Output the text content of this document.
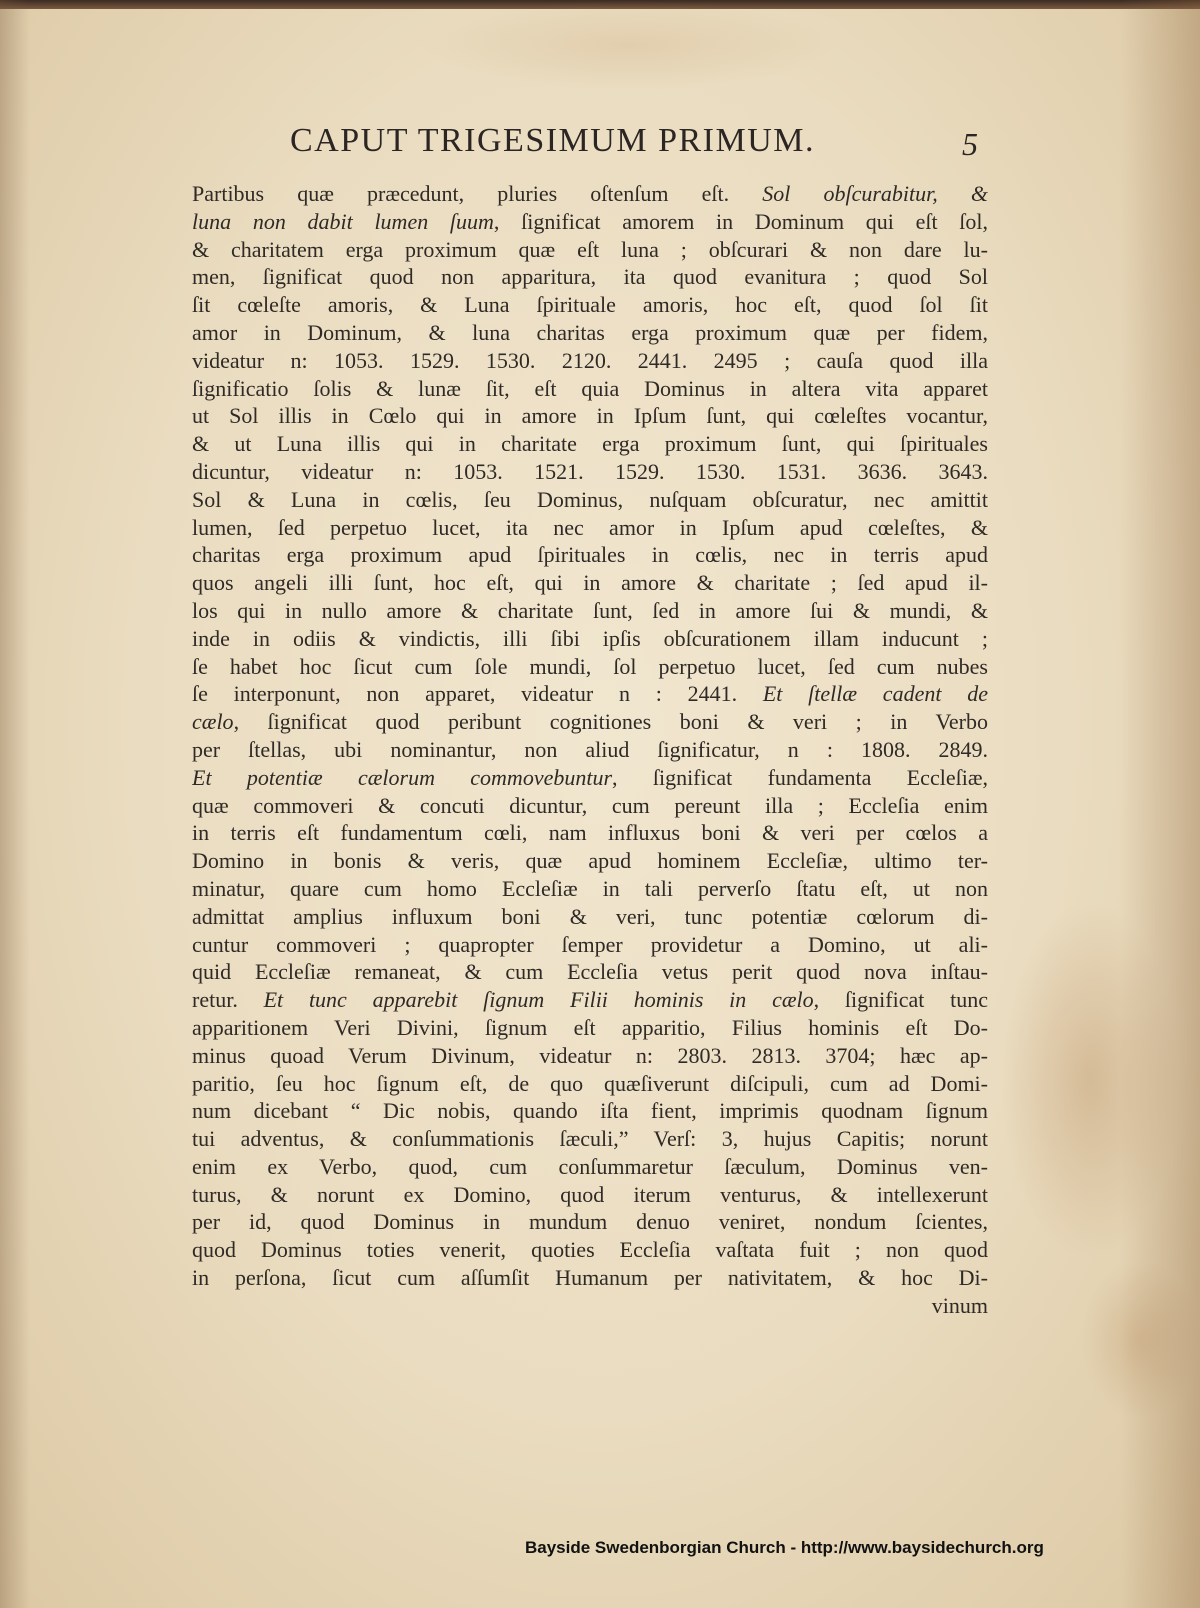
CAPUT TRIGESIMUM PRIMUM.	5
Partibus quæ præcedunt, pluries oſtenſum eſt. Sol obſcurabitur, &
luna non dabit lumen ſuum, ſignificat amorem in Dominum qui eſt ſol,
& charitatem erga proximum quæ eſt luna ; obſcurari & non dare lu-
men, ſignificat quod non apparitura, ita quod evanitura ; quod Sol
ſit cœleſte amoris, & Luna ſpirituale amoris, hoc eſt, quod ſol ſit
amor in Dominum, & luna charitas erga proximum quæ per fidem,
videatur n: 1053. 1529. 1530. 2120. 2441. 2495 ; cauſa quod illa
ſignificatio ſolis & lunæ ſit, eſt quia Dominus in altera vita apparet
ut Sol illis in Cœlo qui in amore in Ipſum ſunt, qui cœleſtes vocantur,
& ut Luna illis qui in charitate erga proximum ſunt, qui ſpirituales
dicuntur, videatur n: 1053. 1521. 1529. 1530. 1531. 3636. 3643.
Sol & Luna in cœlis, ſeu Dominus, nuſquam obſcuratur, nec amittit
lumen, ſed perpetuo lucet, ita nec amor in Ipſum apud cœleſtes, &
charitas erga proximum apud ſpirituales in cœlis, nec in terris apud
quos angeli illi ſunt, hoc eſt, qui in amore & charitate ; ſed apud il-
los qui in nullo amore & charitate ſunt, ſed in amore ſui & mundi, &
inde in odiis & vindictis, illi ſibi ipſis obſcurationem illam inducunt ;
ſe habet hoc ſicut cum ſole mundi, ſol perpetuo lucet, ſed cum nubes
ſe interponunt, non apparet, videatur n : 2441. Et ſtellæ cadent de
cælo, ſignificat quod peribunt cognitiones boni & veri ; in Verbo
per ſtellas, ubi nominantur, non aliud ſignificatur, n : 1808. 2849.
Et potentiæ cælorum commovebuntur, ſignificat fundamenta Eccleſiæ,
quæ commoveri & concuti dicuntur, cum pereunt illa ; Eccleſia enim
in terris eſt fundamentum cœli, nam influxus boni & veri per cœlos a
Domino in bonis & veris, quæ apud hominem Eccleſiæ, ultimo ter-
minatur, quare cum homo Eccleſiæ in tali perverſo ſtatu eſt, ut non
admittat amplius influxum boni & veri, tunc potentiæ cœlorum di-
cuntur commoveri ; quapropter ſemper providetur a Domino, ut ali-
quid Eccleſiæ remaneat, & cum Eccleſia vetus perit quod nova inſtau-
retur. Et tunc apparebit ſignum Filii hominis in cælo, ſignificat tunc
apparitionem Veri Divini, ſignum eſt apparitio, Filius hominis eſt Do-
minus quoad Verum Divinum, videatur n: 2803. 2813. 3704; hæc ap-
paritio, ſeu hoc ſignum eſt, de quo quæſiverunt diſcipuli, cum ad Domi-
num dicebant “ Dic nobis, quando iſta fient, imprimis quodnam ſignum
tui adventus, & conſummationis ſæculi,” Verſ: 3, hujus Capitis; norunt
enim ex Verbo, quod, cum conſummaretur ſæculum, Dominus ven-
turus, & norunt ex Domino, quod iterum venturus, & intellexerunt
per id, quod Dominus in mundum denuo veniret, nondum ſcientes,
quod Dominus toties venerit, quoties Eccleſia vaſtata fuit ; non quod
in perſona, ſicut cum aſſumſit Humanum per nativitatem, & hoc Di-
vinum
Bayside Swedenborgian Church - http://www.baysidechurch.org
